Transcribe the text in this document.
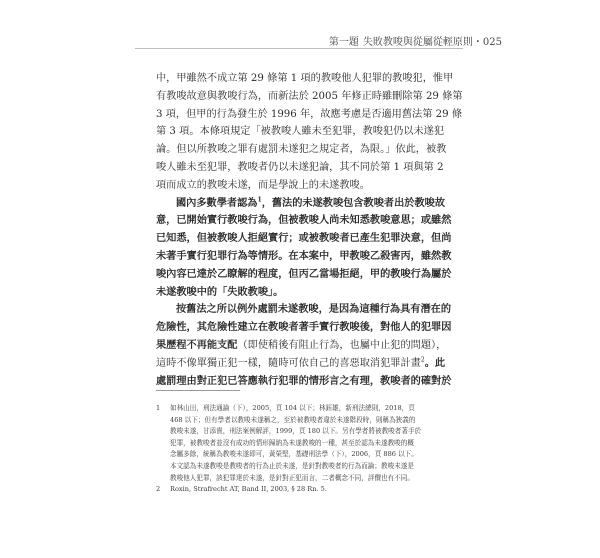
第一題 失敗教唆與從屬從輕原則・025
中，甲雖然不成立第 29 條第 1 項的教唆他人犯罪的教唆犯，惟甲
有教唆故意與教唆行為，而新法於 2005 年修正時雖刪除第 29 條第
3 項，但甲的行為發生於 1996 年，故應考慮是否適用舊法第 29 條
第 3 項。本條項規定「被教唆人雖未至犯罪，教唆犯仍以未遂犯
論。但以所教唆之罪有處罰未遂犯之規定者，為限。」依此，被教
唆人雖未至犯罪，教唆者仍以未遂犯論，其不同於第 1 項與第 2
項而成立的教唆未遂，而是學說上的未遂教唆。
國內多數學者認為$^1$，舊法的未遂教唆包含教唆者出於教唆故
意，已開始實行教唆行為，但被教唆人尚未知悉教唆意思；或雖然
已知悉，但被教唆人拒絕實行；或被教唆者已產生犯罪決意，但尚
未著手實行犯罪行為等情形。在本案中，甲教唆乙殺害丙，雖然教
唆內容已達於乙瞭解的程度，但丙乙當場拒絕，甲的教唆行為屬於
未遂教唆中的「失敗教唆」。
按舊法之所以例外處罰未遂教唆，是因為這種行為具有潛在的
危險性，其危險性建立在教唆者著手實行教唆後，對他人的犯罪因
果歷程不再能支配（即使稍後有阻止行為，也屬中止犯的問題），
這時不像單獨正犯一樣，隨時可依自己的喜惡取消犯罪計畫$^2$。此
處罰理由對正犯已答應執行犯罪的情形言之有理，教唆者的確對於
1 如林山田，刑法通論（下），2005，頁 104 以下；林鈺雄，新刑法總則，2018，頁
468 以下；但有學者以教唆未遂稱之，至於被教唆者違於未遂階段時，則稱為狹義的
教唆未遂，甘添貴，刑法案例解評，1999，頁 180 以下。另有學者將被教唆者著手於
犯罪，被教唆者並沒有成功的情形歸納為未遂教唆的一種，甚至於認為未遂教唆的概
念屬多餘，統稱為教唆未遂即可，黃榮堅，基礎刑法學（下），2006，頁 886 以下。
本文認為未遂教唆是教唆者的行為止於未遂，是針對教唆者的行為而論；教唆未遂是
教唆他人犯罪，該犯罪達於未遂，是針對正犯而言，二者概念不同，評價也有不同。
2 Roxin, Strafrecht AT, Band II, 2003, § 28 Rn. 5.
